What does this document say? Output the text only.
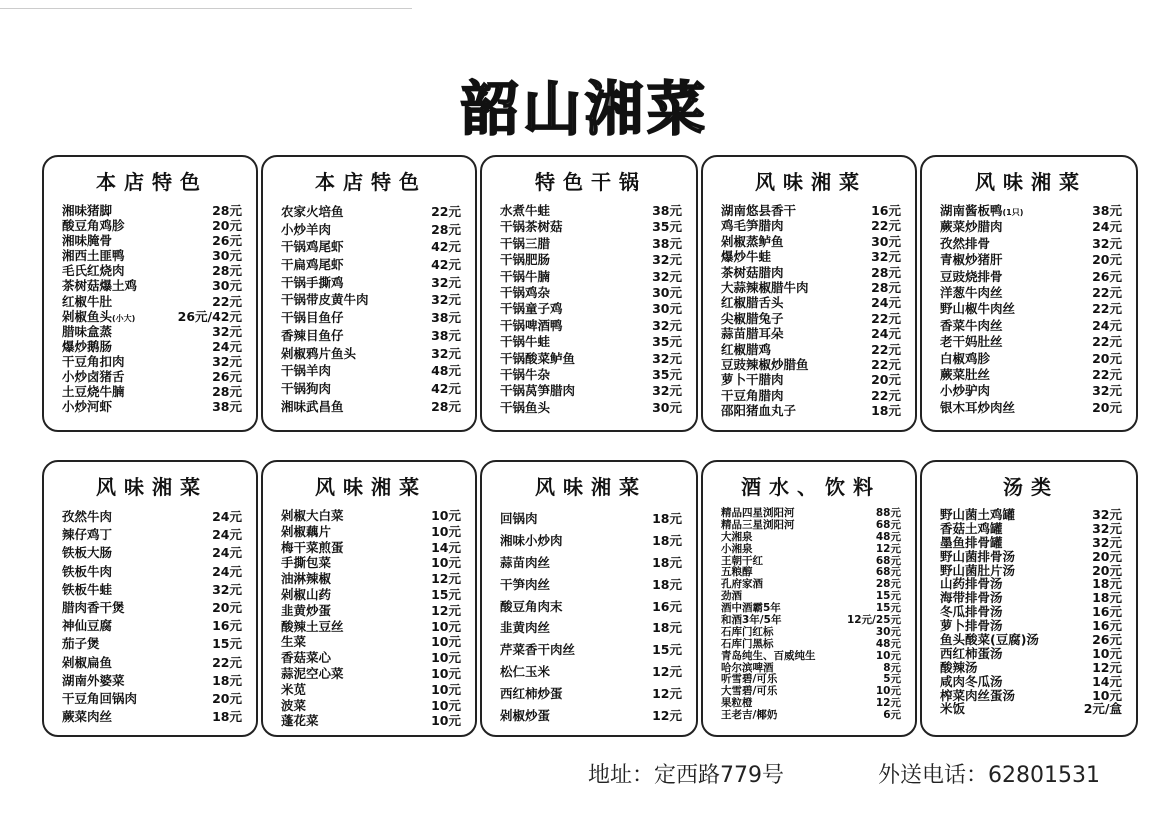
韶山湘菜
本店特色
湘味猪脚	28元
酸豆角鸡胗	20元
湘味腌骨	26元
湘西土匪鸭	30元
毛氏红烧肉	28元
茶树菇爆土鸡	30元
红椒牛肚	22元
剁椒鱼头(小大)	26元/42元
腊味盒蒸	32元
爆炒鹅肠	24元
干豆角扣肉	32元
小炒卤猪舌	26元
土豆烧牛腩	28元
小炒河虾	38元
本店特色
农家火培鱼	22元
小炒羊肉	28元
干锅鸡尾虾	42元
干扁鸡尾虾	42元
干锅手撕鸡	32元
干锅带皮黄牛肉	32元
干锅目鱼仔	38元
香辣目鱼仔	38元
剁椒鸦片鱼头	32元
干锅羊肉	48元
干锅狗肉	42元
湘味武昌鱼	28元
特色干锅
水煮牛蛙	38元
干锅茶树菇	35元
干锅三腊	38元
干锅肥肠	32元
干锅牛腩	32元
干锅鸡杂	30元
干锅童子鸡	30元
干锅啤酒鸭	32元
干锅牛蛙	35元
干锅酸菜鲈鱼	32元
干锅牛杂	35元
干锅莴笋腊肉	32元
干锅鱼头	30元
风味湘菜
湖南悠县香干	16元
鸡毛笋腊肉	22元
剁椒蒸鲈鱼	30元
爆炒牛蛙	32元
茶树菇腊肉	28元
大蒜辣椒腊牛肉	28元
红椒腊舌头	24元
尖椒腊兔子	22元
蒜苗腊耳朵	24元
红椒腊鸡	22元
豆豉辣椒炒腊鱼	22元
萝卜干腊肉	20元
干豆角腊肉	22元
邵阳猪血丸子	18元
风味湘菜
湖南酱板鸭(1只)	38元
蕨菜炒腊肉	24元
孜然排骨	32元
青椒炒猪肝	20元
豆豉烧排骨	26元
洋葱牛肉丝	22元
野山椒牛肉丝	22元
香菜牛肉丝	24元
老干妈肚丝	22元
白椒鸡胗	20元
蕨菜肚丝	22元
小炒驴肉	32元
银木耳炒肉丝	20元
风味湘菜
孜然牛肉	24元
辣仔鸡丁	24元
铁板大肠	24元
铁板牛肉	24元
铁板牛蛙	32元
腊肉香干煲	20元
神仙豆腐	16元
茄子煲	15元
剁椒扁鱼	22元
湖南外婆菜	18元
干豆角回锅肉	20元
蕨菜肉丝	18元
风味湘菜
剁椒大白菜	10元
剁椒藕片	10元
梅干菜煎蛋	14元
手撕包菜	10元
油淋辣椒	12元
剁椒山药	15元
韭黄炒蛋	12元
酸辣土豆丝	10元
生菜	10元
香菇菜心	10元
蒜泥空心菜	10元
米苋	10元
波菜	10元
蓬花菜	10元
风味湘菜
回锅肉	18元
湘味小炒肉	18元
蒜苗肉丝	18元
干笋肉丝	18元
酸豆角肉末	16元
韭黄肉丝	18元
芹菜香干肉丝	15元
松仁玉米	12元
西红柿炒蛋	12元
剁椒炒蛋	12元
酒水、饮料
精品四星浏阳河	88元
精品三星浏阳河	68元
大湘泉	48元
小湘泉	12元
王朝干红	68元
五粮醇	68元
孔府家酒	28元
劲酒	15元
酒中酒霸5年	15元
和酒3年/5年	12元/25元
石库门红标	30元
石库门黑标	48元
青岛纯生、百威纯生	10元
哈尔滨啤酒	8元
听雪碧/可乐	5元
大雪碧/可乐	10元
果粒橙	12元
王老吉/椰奶	6元
汤类
野山菌土鸡罐	32元
香菇土鸡罐	32元
墨鱼排骨罐	32元
野山菌排骨汤	20元
野山菌肚片汤	20元
山药排骨汤	18元
海带排骨汤	18元
冬瓜排骨汤	16元
萝卜排骨汤	16元
鱼头酸菜(豆腐)汤	26元
西红柿蛋汤	10元
酸辣汤	12元
咸肉冬瓜汤	14元
榨菜肉丝蛋汤	10元
米饭	2元/盒
地址：定西路779号	外送电话：62801531
